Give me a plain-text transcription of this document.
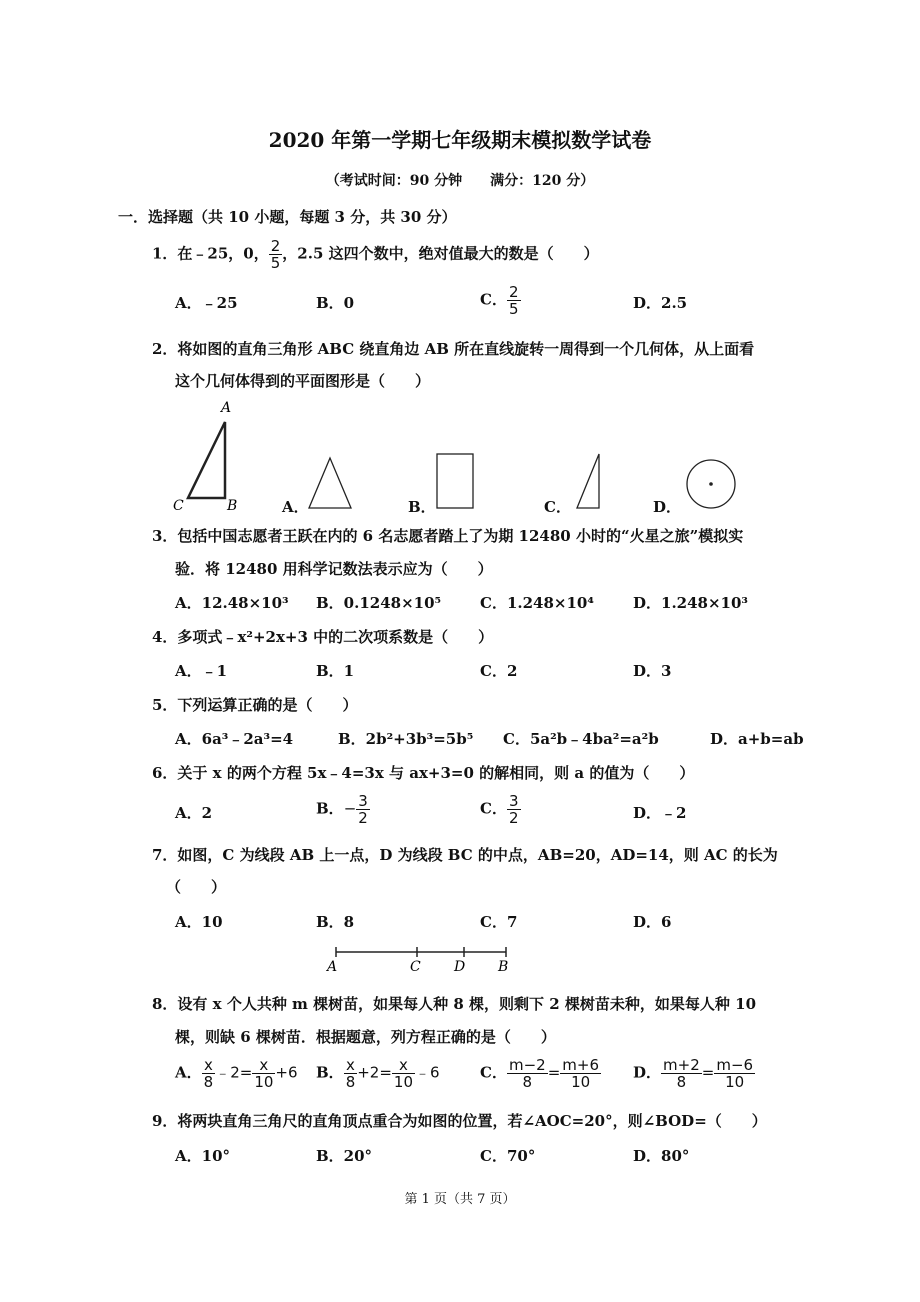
2020 年第一学期七年级期末模拟数学试卷
（考试时间：90 分钟　　满分：120 分）
一．选择题（共 10 小题，每题 3 分，共 30 分）
1．在﹣25，0， $\frac{2}{5}$ ，2.5 这四个数中，绝对值最大的数是（　　）
A．﹣25	B．0	C． $\frac{2}{5}$	D．2.5
2．将如图的直角三角形 ABC 绕直角边 AB 所在直线旋转一周得到一个几何体，从上面看
这个几何体得到的平面图形是（　　）
A
C	B	A．	B．	C．	D．
3．包括中国志愿者王跃在内的 6 名志愿者踏上了为期 12480 小时的“火星之旅”模拟实
验．将 12480 用科学记数法表示应为（　　）
A．12.48×10³ B．0.1248×10⁵	C．1.248×10⁴	D．1.248×10³
4．多项式﹣x²+2x+3 中的二次项系数是（　　）
A．﹣1	B．1	C．2	D．3
5．下列运算正确的是（　　）
A．6a³﹣2a³=4	B．2b²+3b³=5b⁵ C．5a²b﹣4ba²=a²b	D．a+b=ab
6．关于 x 的两个方程 5x﹣4=3x 与 ax+3=0 的解相同，则 a 的值为（　　）
A．2	B．− $\frac{3}{2}$	C． $\frac{3}{2}$	D．﹣2
7．如图，C 为线段 AB 上一点，D 为线段 BC 的中点，AB=20，AD=14，则 AC 的长为
（　　）
A．10	B．8	C．7	D．6
A	C D B
8．设有 x 个人共种 m 棵树苗，如果每人种 8 棵，则剩下 2 棵树苗未种，如果每人种 10
棵，则缺 6 棵树苗．根据题意，列方程正确的是（　　）
A． $\frac{x}{8}$ ﹣2= $\frac{x}{10} +6$ B． $\frac{x}{8} +2= \frac{x}{10}$ ﹣6	C． $\frac{m-2}{8} = \frac{m+6}{10}$ D． $\frac{m+2}{8} = \frac{m-6}{10}$
9．将两块直角三角尺的直角顶点重合为如图的位置，若∠AOC=20°，则∠BOD=（　　）
A．10°	B．20°	C．70°	D．80°
第 1 页（共 7 页）
